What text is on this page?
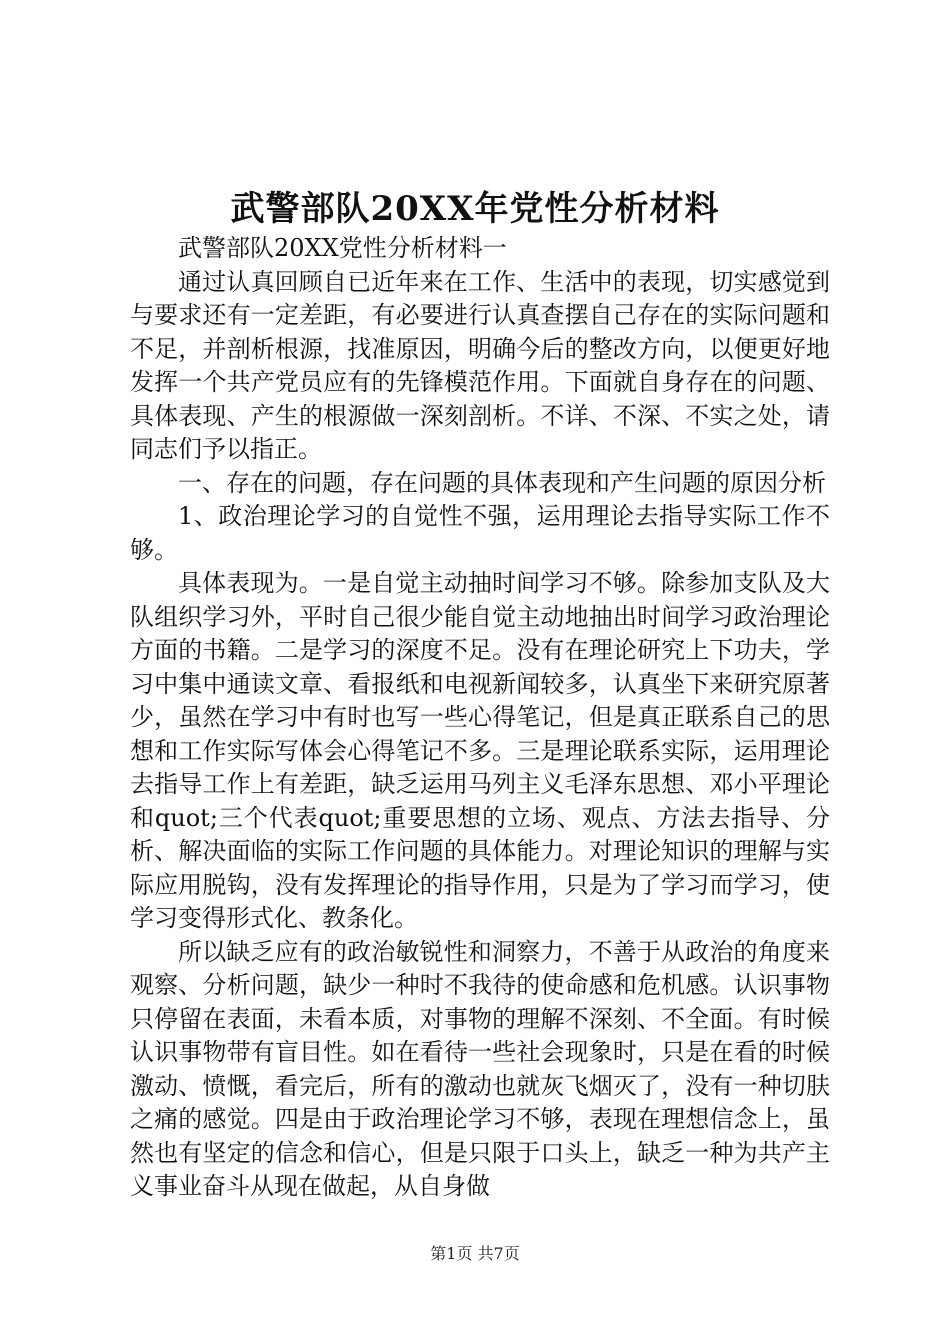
武警部队20XX年党性分析材料

武警部队20XX党性分析材料一

通过认真回顾自已近年来在工作、生活中的表现，切实感觉到与要求还有一定差距，有必要进行认真查摆自己存在的实际问题和不足，并剖析根源，找准原因，明确今后的整改方向，以便更好地发挥一个共产党员应有的先锋模范作用。下面就自身存在的问题、具体表现、产生的根源做一深刻剖析。不详、不深、不实之处，请同志们予以指正。

一、存在的问题，存在问题的具体表现和产生问题的原因分析

1、政治理论学习的自觉性不强，运用理论去指导实际工作不够。

具体表现为。一是自觉主动抽时间学习不够。除参加支队及大队组织学习外，平时自己很少能自觉主动地抽出时间学习政治理论方面的书籍。二是学习的深度不足。没有在理论研究上下功夫，学习中集中通读文章、看报纸和电视新闻较多，认真坐下来研究原著少，虽然在学习中有时也写一些心得笔记，但是真正联系自己的思想和工作实际写体会心得笔记不多。三是理论联系实际，运用理论去指导工作上有差距，缺乏运用马列主义毛泽东思想、邓小平理论和quot;三个代表quot;重要思想的立场、观点、方法去指导、分析、解决面临的实际工作问题的具体能力。对理论知识的理解与实际应用脱钩，没有发挥理论的指导作用，只是为了学习而学习，使学习变得形式化、教条化。

所以缺乏应有的政治敏锐性和洞察力，不善于从政治的角度来观察、分析问题，缺少一种时不我待的使命感和危机感。认识事物只停留在表面，未看本质，对事物的理解不深刻、不全面。有时候认识事物带有盲目性。如在看待一些社会现象时，只是在看的时候激动、愤慨，看完后，所有的激动也就灰飞烟灭了，没有一种切肤之痛的感觉。四是由于政治理论学习不够，表现在理想信念上，虽然也有坚定的信念和信心，但是只限于口头上，缺乏一种为共产主义事业奋斗从现在做起，从自身做

第1页 共7页
